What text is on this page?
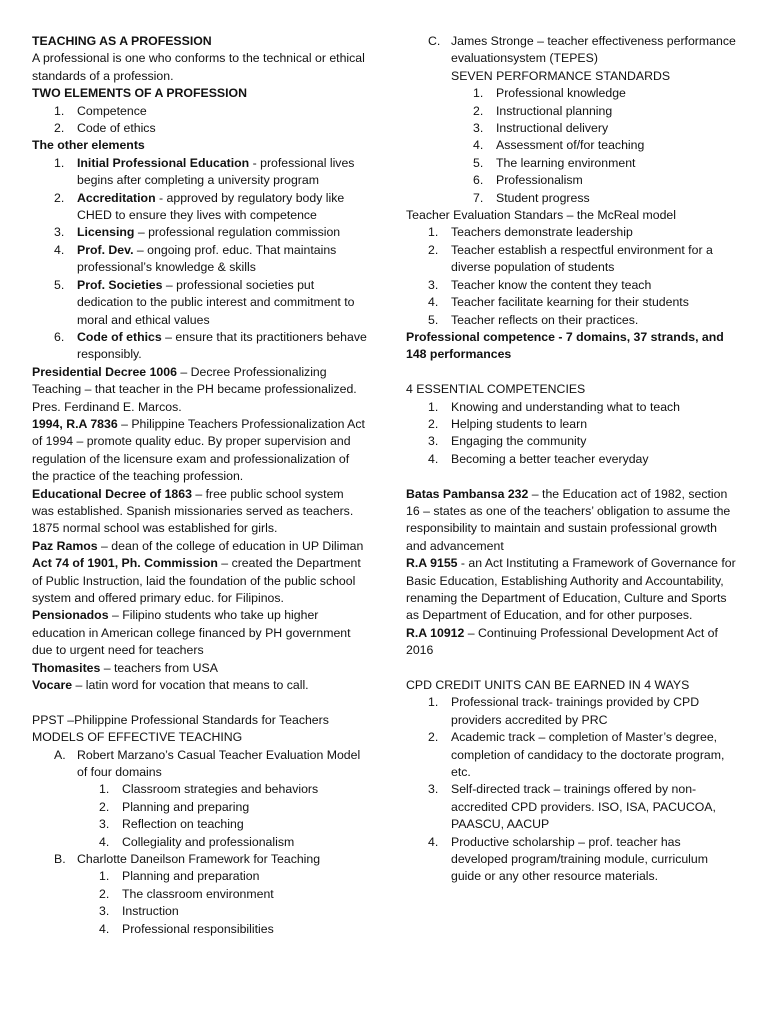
TEACHING AS A PROFESSION

A professional is one who conforms to the technical or ethical standards of a profession.

TWO ELEMENTS OF A PROFESSION

1. Competence
2. Code of ethics

The other elements

1. Initial Professional Education - professional lives begins after completing a university program
2. Accreditation - approved by regulatory body like CHED to ensure they lives with competence
3. Licensing – professional regulation commission
4. Prof. Dev. – ongoing prof. educ. That maintains professional’s knowledge & skills
5. Prof. Societies – professional societies put dedication to the public interest and commitment to moral and ethical values
6. Code of ethics – ensure that its practitioners behave responsibly.

Presidential Decree 1006 – Decree Professionalizing Teaching – that teacher in the PH became professionalized. Pres. Ferdinand E. Marcos.

1994, R.A 7836 – Philippine Teachers Professionalization Act of 1994 – promote quality educ. By proper supervision and regulation of the licensure exam and professionalization of the practice of the teaching profession.

Educational Decree of 1863 – free public school system was established. Spanish missionaries served as teachers. 1875 normal school was established for girls.

Paz Ramos – dean of the college of education in UP Diliman

Act 74 of 1901, Ph. Commission – created the Department of Public Instruction, laid the foundation of the public school system and offered primary educ. for Filipinos.

Pensionados – Filipino students who take up higher education in American college financed by PH government due to urgent need for teachers

Thomasites – teachers from USA

Vocare – latin word for vocation that means to call.

PPST –Philippine Professional Standards for Teachers

MODELS OF EFFECTIVE TEACHING

A. Robert Marzano’s Casual Teacher Evaluation Model of four domains
1. Classroom strategies and behaviors
2. Planning and preparing
3. Reflection on teaching
4. Collegiality and professionalism
B. Charlotte Daneilson Framework for Teaching
1. Planning and preparation
2. The classroom environment
3. Instruction
4. Professional responsibilities
C. James Stronge – teacher effectiveness performance evaluationsystem (TEPES)
SEVEN PERFORMANCE STANDARDS
1. Professional knowledge
2. Instructional planning
3. Instructional delivery
4. Assessment of/for teaching
5. The learning environment
6. Professionalism
7. Student progress

Teacher Evaluation Standars – the McReal model

1. Teachers demonstrate leadership
2. Teacher establish a respectful environment for a diverse population of students
3. Teacher know the content they teach
4. Teacher facilitate kearning for their students
5. Teacher reflects on their practices.

Professional competence - 7 domains, 37 strands, and 148 performances

4 ESSENTIAL COMPETENCIES

1. Knowing and understanding what to teach
2. Helping students to learn
3. Engaging the community
4. Becoming a better teacher everyday

Batas Pambansa 232 – the Education act of 1982, section 16 – states as one of the teachers’ obligation to assume the responsibility to maintain and sustain professional growth and advancement

R.A 9155 - an Act Instituting a Framework of Governance for Basic Education, Establishing Authority and Accountability, renaming the Department of Education, Culture and Sports as Department of Education, and for other purposes.

R.A 10912 – Continuing Professional Development Act of 2016

CPD CREDIT UNITS CAN BE EARNED IN 4 WAYS

1. Professional track- trainings provided by CPD providers accredited by PRC
2. Academic track – completion of Master’s degree, completion of candidacy to the doctorate program, etc.
3. Self-directed track – trainings offered by non-accredited CPD providers. ISO, ISA, PACUCOA, PAASCU, AACUP
4. Productive scholarship – prof. teacher has developed program/training module, curriculum guide or any other resource materials.
